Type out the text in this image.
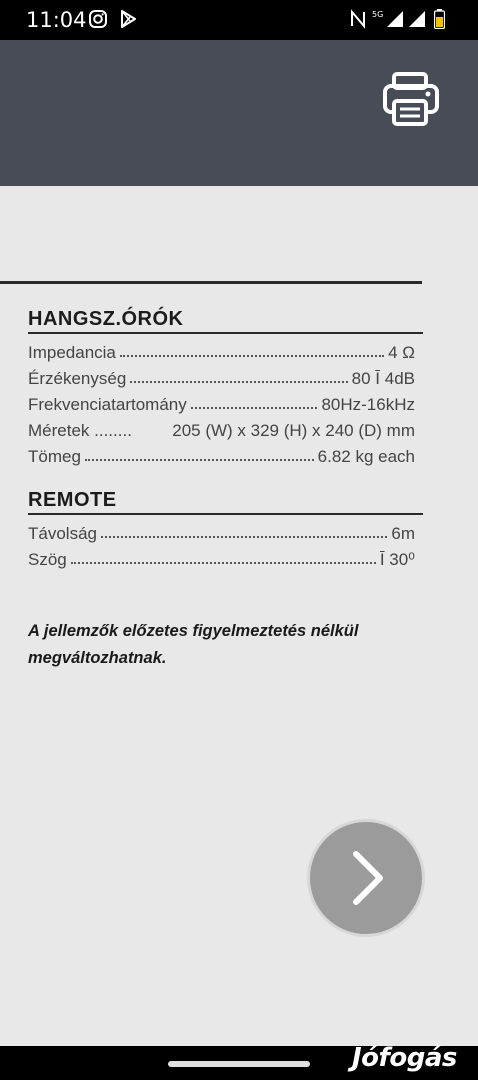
11:04	5G
HANGSZ.ÓRÓK
Impedancia	4 Ω
Érzékenység	80 Ī 4dB
Frekvenciatartomány	80Hz-16kHz
Méretek ........ 205 (W) x 329 (H) x 240 (D) mm
Tömeg	6.82 kg each
REMOTE
Távolság	6m
Szög	Ī 30⁰
A jellemzők előzetes figyelmeztetés nélkül megváltozhatnak.
Jófogás
